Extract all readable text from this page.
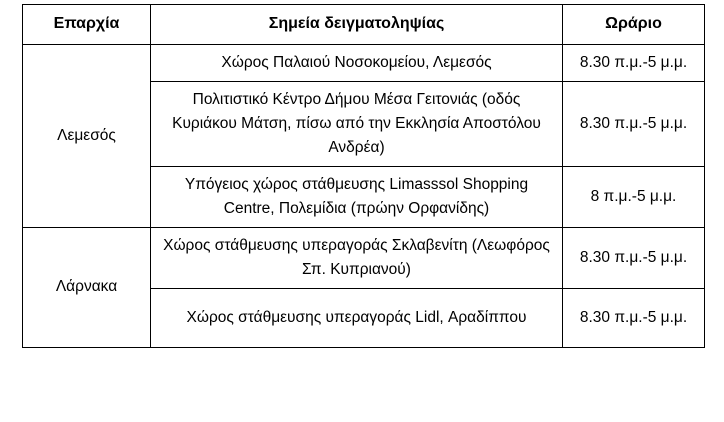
Επαρχία	Σημεία δειγματοληψίας	Ωράριο
Λεμεσός	Χώρος Παλαιού Νοσοκομείου, Λεμεσός	8.30 π.μ.-5 μ.μ.
	Πολιτιστικό Κέντρο Δήμου Μέσα Γειτονιάς (οδός Κυριάκου Μάτση, πίσω από την Εκκλησία Αποστόλου Ανδρέα)	8.30 π.μ.-5 μ.μ.
	Υπόγειος χώρος στάθμευσης Limasssol Shopping Centre, Πολεμίδια (πρώην Ορφανίδης)	8 π.μ.-5 μ.μ.
Λάρνακα	Χώρος στάθμευσης υπεραγοράς Σκλαβενίτη (Λεωφόρος Σπ. Κυπριανού)	8.30 π.μ.-5 μ.μ.
	Χώρος στάθμευσης υπεραγοράς Lidl, Αραδίππου	8.30 π.μ.-5 μ.μ.
